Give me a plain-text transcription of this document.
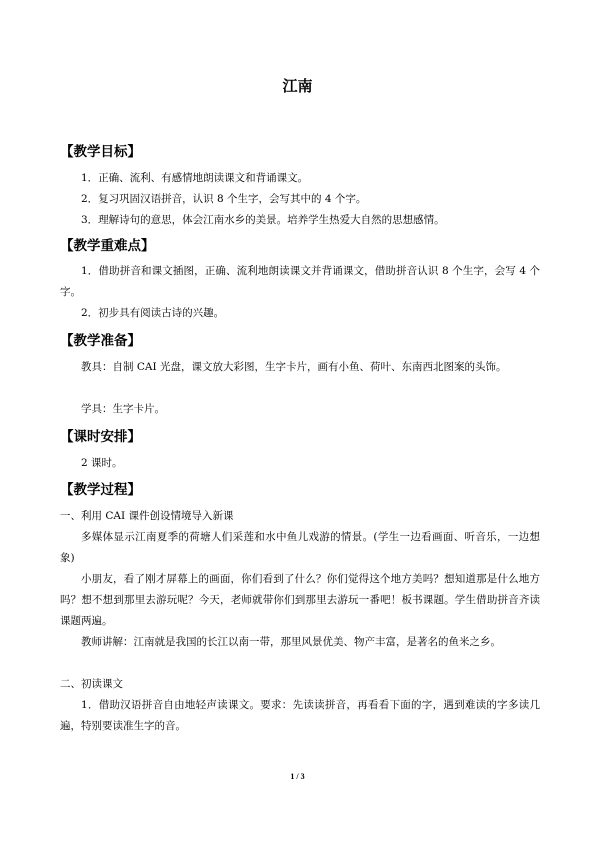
江南
【教学目标】

1．正确、流利、有感情地朗读课文和背诵课文。

2．复习巩固汉语拼音，认识 8 个生字，会写其中的 4 个字。

3．理解诗句的意思，体会江南水乡的美景。培养学生热爱大自然的思想感情。

【教学重难点】

1．借助拼音和课文插图，正确、流利地朗读课文并背诵课文，借助拼音认识 8 个生字，会写 4 个字。

2．初步具有阅读古诗的兴趣。

【教学准备】

教具：自制 CAI 光盘，课文放大彩图，生字卡片，画有小鱼、荷叶、东南西北图案的头饰。

学具：生字卡片。

【课时安排】

2 课时。

【教学过程】

一、利用 CAI 课件创设情境导入新课

多媒体显示江南夏季的荷塘人们采莲和水中鱼儿戏游的情景。(学生一边看画面、听音乐，一边想象)

小朋友，看了刚才屏幕上的画面，你们看到了什么？你们觉得这个地方美吗？想知道那是什么地方吗？想不想到那里去游玩呢？今天，老师就带你们到那里去游玩一番吧！板书课题。学生借助拼音齐读课题两遍。

教师讲解：江南就是我国的长江以南一带，那里风景优美、物产丰富，是著名的鱼米之乡。

二、初读课文

1．借助汉语拼音自由地轻声读课文。要求：先读读拼音，再看看下面的字，遇到难读的字多读几遍，特别要读准生字的音。

1 / 3
